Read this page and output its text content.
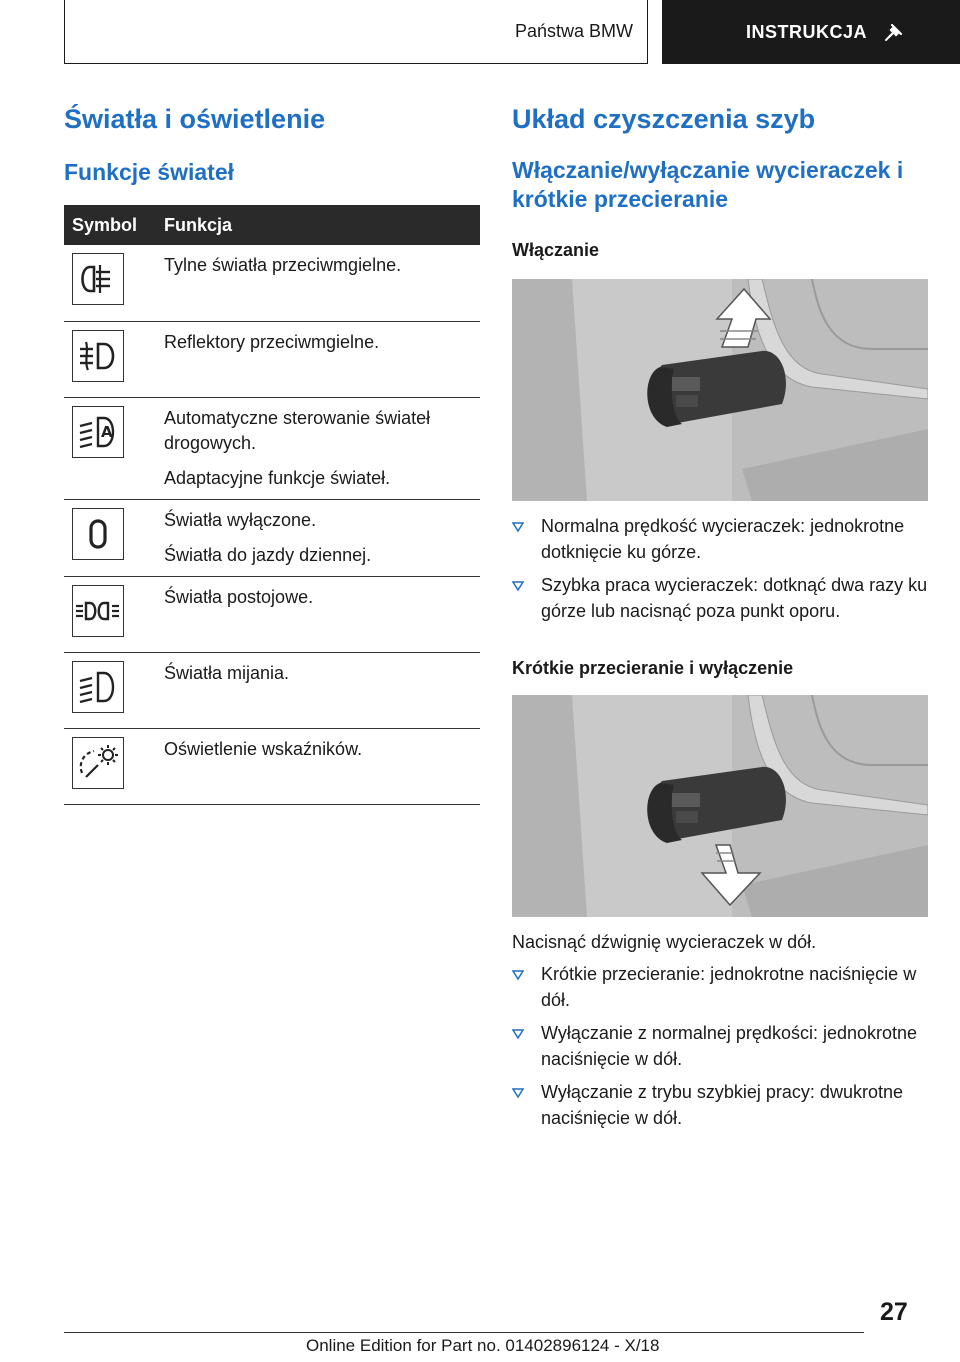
Państwa BMW	INSTRUKCJA
Światła i oświetlenie
Funkcje świateł
Symbol	Funkcja

Tylne światła przeciwmgielne.

Reflektory przeciwmgielne.

A	Automatyczne sterowanie świateł drogowych.

Adaptacyjne funkcje świateł.

Światła wyłączone.

Światła do jazdy dziennej.

Światła postojowe.

Światła mijania.

Oświetlenie wskaźników.

Układ czyszczenia szyb
Włączanie/wyłączanie wycieraczek i krótkie przecieranie
Włączanie
Normalna prędkość wycieraczek: jednokrotne dotknięcie ku górze.
Szybka praca wycieraczek: dotknąć dwa razy ku górze lub nacisnąć poza punkt oporu.
Krótkie przecieranie i wyłączenie

Nacisnąć dźwignię wycieraczek w dół.

Krótkie przecieranie: jednokrotne naciśnięcie w dół.
Wyłączanie z normalnej prędkości: jednokrotne naciśnięcie w dół.
Wyłączanie z trybu szybkiej pracy: dwukrotne naciśnięcie w dół.
27
Online Edition for Part no. 01402896124 - X/18
